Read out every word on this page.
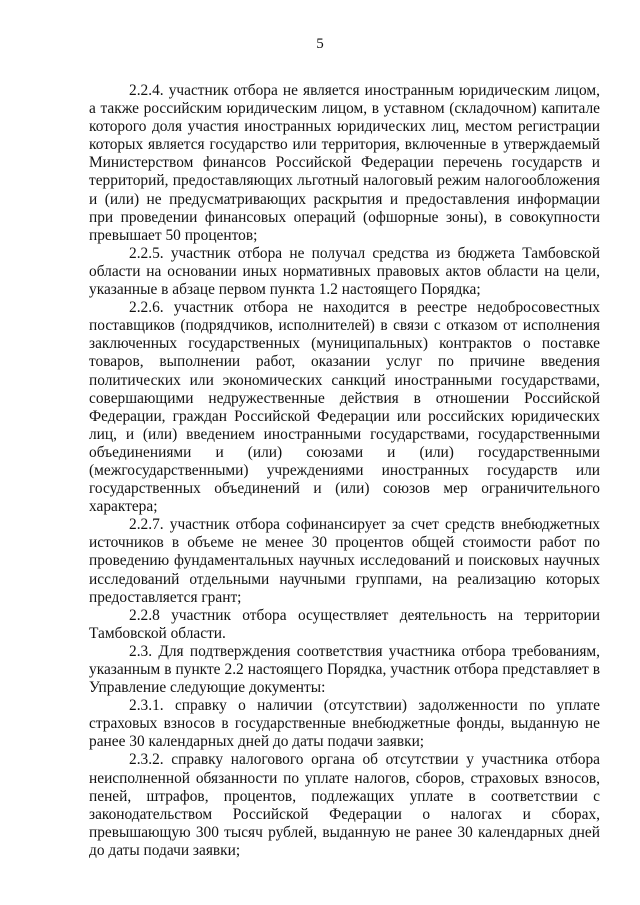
5

2.2.4. участник отбора не является иностранным юридическим лицом, а также российским юридическим лицом, в уставном (складочном) капитале которого доля участия иностранных юридических лиц, местом регистрации которых является государство или территория, включенные в утверждаемый Министерством финансов Российской Федерации перечень государств и территорий, предоставляющих льготный налоговый режим налогообложения и (или) не предусматривающих раскрытия и предоставления информации при проведении финансовых операций (офшорные зоны), в совокупности превышает 50 процентов;

2.2.5. участник отбора не получал средства из бюджета Тамбовской области на основании иных нормативных правовых актов области на цели, указанные в абзаце первом пункта 1.2 настоящего Порядка;

2.2.6. участник отбора не находится в реестре недобросовестных поставщиков (подрядчиков, исполнителей) в связи с отказом от исполнения заключенных государственных (муниципальных) контрактов о поставке товаров, выполнении работ, оказании услуг по причине введения политических или экономических санкций иностранными государствами, совершающими недружественные действия в отношении Российской Федерации, граждан Российской Федерации или российских юридических лиц, и (или) введением иностранными государствами, государственными объединениями и (или) союзами и (или) государственными (межгосударственными) учреждениями иностранных государств или государственных объединений и (или) союзов мер ограничительного характера;

2.2.7. участник отбора софинансирует за счет средств внебюджетных источников в объеме не менее 30 процентов общей стоимости работ по проведению фундаментальных научных исследований и поисковых научных исследований отдельными научными группами, на реализацию которых предоставляется грант;

2.2.8 участник отбора осуществляет деятельность на территории Тамбовской области.

2.3. Для подтверждения соответствия участника отбора требованиям, указанным в пункте 2.2 настоящего Порядка, участник отбора представляет в Управление следующие документы:

2.3.1. справку о наличии (отсутствии) задолженности по уплате страховых взносов в государственные внебюджетные фонды, выданную не ранее 30 календарных дней до даты подачи заявки;

2.3.2. справку налогового органа об отсутствии у участника отбора неисполненной обязанности по уплате налогов, сборов, страховых взносов, пеней, штрафов, процентов, подлежащих уплате в соответствии с законодательством Российской Федерации о налогах и сборах, превышающую 300 тысяч рублей, выданную не ранее 30 календарных дней до даты подачи заявки;
